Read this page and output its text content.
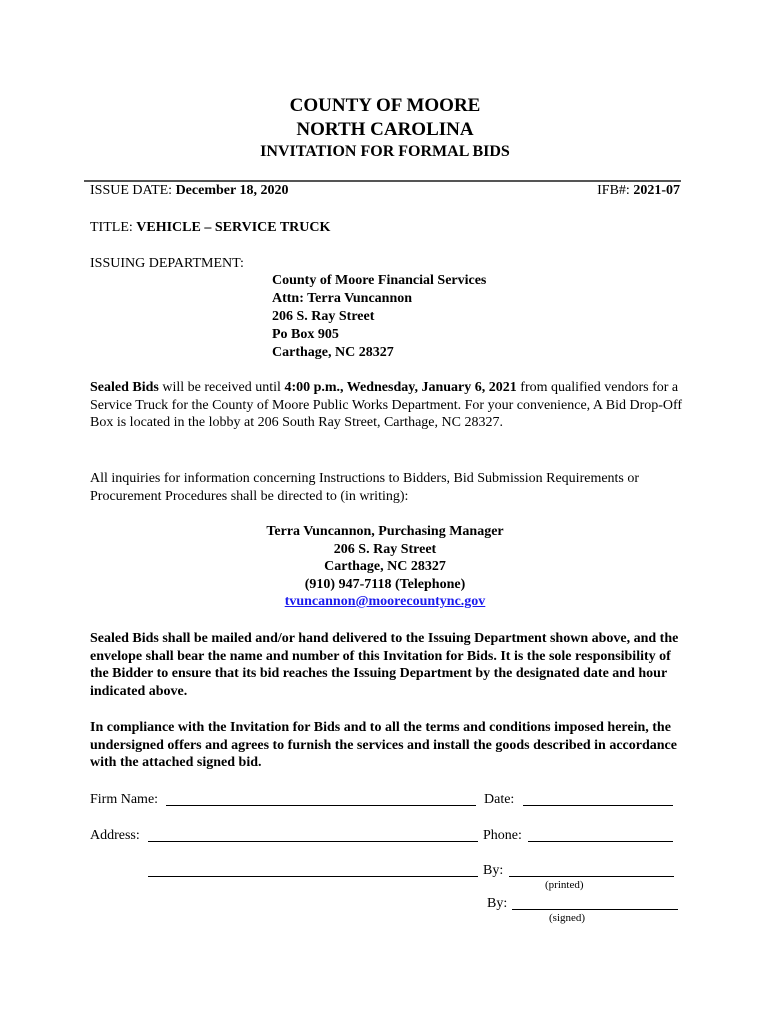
COUNTY OF MOORE
NORTH CAROLINA
INVITATION FOR FORMAL BIDS
ISSUE DATE: December 18, 2020	IFB#: 2021-07
TITLE: VEHICLE – SERVICE TRUCK
ISSUING DEPARTMENT:
County of Moore Financial Services
Attn: Terra Vuncannon
206 S. Ray Street
Po Box 905
Carthage, NC 28327
Sealed Bids will be received until 4:00 p.m., Wednesday, January 6, 2021 from qualified vendors for a Service Truck for the County of Moore Public Works Department. For your convenience, A Bid Drop-Off Box is located in the lobby at 206 South Ray Street, Carthage, NC 28327.
All inquiries for information concerning Instructions to Bidders, Bid Submission Requirements or Procurement Procedures shall be directed to (in writing):
Terra Vuncannon, Purchasing Manager
206 S. Ray Street
Carthage, NC 28327
(910) 947-7118 (Telephone)
tvuncannon@moorecountync.gov
Sealed Bids shall be mailed and/or hand delivered to the Issuing Department shown above, and the envelope shall bear the name and number of this Invitation for Bids. It is the sole responsibility of the Bidder to ensure that its bid reaches the Issuing Department by the designated date and hour indicated above.
In compliance with the Invitation for Bids and to all the terms and conditions imposed herein, the undersigned offers and agrees to furnish the services and install the goods described in accordance with the attached signed bid.
Firm Name:	Date:
Address:	Phone:
By:
(printed)
By:
(signed)
